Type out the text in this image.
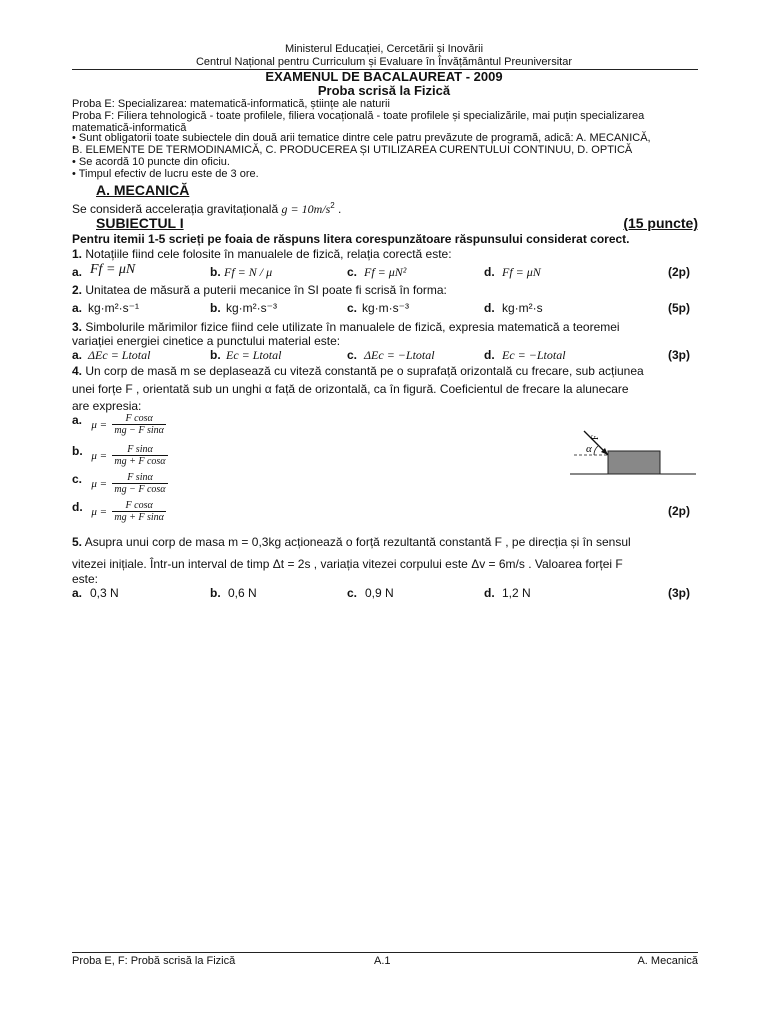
Ministerul Educației, Cercetării și Inovării
Centrul Național pentru Curriculum și Evaluare în Învățământul Preuniversitar
EXAMENUL DE BACALAUREAT - 2009
Proba scrisă la Fizică
Proba E: Specializarea: matematică-informatică, științe ale naturii
Proba F: Filiera tehnologică - toate profilele, filiera vocațională - toate profilele și specializările, mai puțin specializarea
matematică-informatică
• Sunt obligatorii toate subiectele din două arii tematice dintre cele patru prevăzute de programă, adică: A. MECANICĂ,
B. ELEMENTE DE TERMODINAMICĂ, C. PRODUCEREA ȘI UTILIZAREA CURENTULUI CONTINUU, D. OPTICĂ
• Se acordă 10 puncte din oficiu.
• Timpul efectiv de lucru este de 3 ore.
A. MECANICĂ
Se consideră accelerația gravitațională $g = 10m/s^2$ .
SUBIECTUL I	(15 puncte)
Pentru itemii 1-5 scrieți pe foaia de răspuns litera corespunzătoare răspunsului considerat corect.
1. Notațiile fiind cele folosite în manualele de fizică, relația corectă este:
a. Ff = μN	b. Ff = N / μ	c. Ff = μN²	d. Ff = μN	(2p)
2. Unitatea de măsură a puterii mecanice în SI poate fi scrisă în forma:
a. kg·m²·s⁻¹	b. kg·m²·s⁻³	c. kg·m·s⁻³	d. kg·m²·s	(5p)
3. Simbolurile mărimilor fizice fiind cele utilizate în manualele de fizică, expresia matematică a teoremei
variației energiei cinetice a punctului material este:
a. ΔEc = Ltotal	b. Ec = Ltotal	c. ΔEc = −Ltotal	d. Ec = −Ltotal	(3p)
4. Un corp de masă m se deplasează cu viteză constantă pe o suprafață orizontală cu frecare, sub acțiunea
unei forțe F , orientată sub un unghi α față de orizontală, ca în figură. Coeficientul de frecare la alunecare
are expresia:
a. $\mu = \frac{\text{F cosα}}{\text{mg − F sinα}}$
b. $\mu = \frac{\text{F sinα}}{\text{mg + F cosα}}$
c. $\mu = \frac{\text{F sinα}}{\text{mg − F cosα}}$
d. $\mu = \frac{\text{F cosα}}{\text{mg + F sinα}}$	(2p)
α
F
5. Asupra unui corp de masa m = 0,3kg acționează o forță rezultantă constantă F , pe direcția și în sensul
vitezei inițiale. Într-un interval de timp Δt = 2s , variația vitezei corpului este Δv = 6m/s . Valoarea forței F
este:
a. 0,3 N	b. 0,6 N	c. 0,9 N	d. 1,2 N	(3p)
Proba E, F: Probă scrisă la Fizică	A.1	A. Mecanică
